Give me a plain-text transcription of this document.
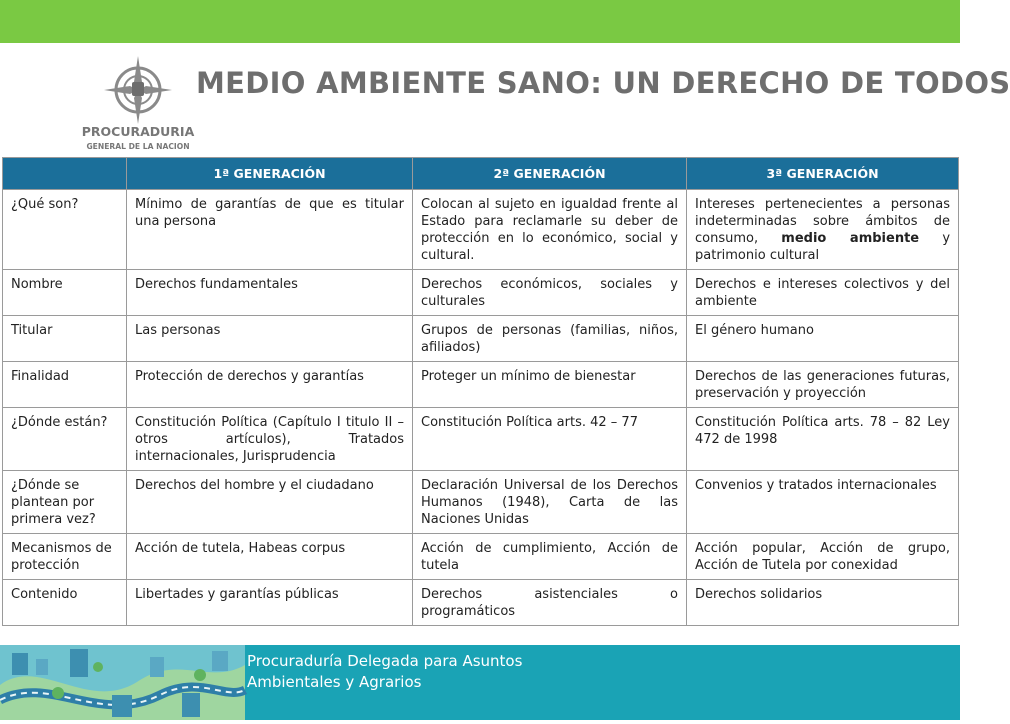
PROCURADURIA
GENERAL DE LA NACION
MEDIO AMBIENTE SANO: UN DERECHO DE TODOS
	1ª GENERACIÓN	2ª GENERACIÓN	3ª GENERACIÓN
¿Qué son?	Mínimo de garantías de que es titular una persona	Colocan al sujeto en igualdad frente al Estado para reclamarle su deber de protección en lo económico, social y cultural.	Intereses pertenecientes a personas indeterminadas sobre ámbitos de consumo, medio ambiente y patrimonio cultural
Nombre	Derechos fundamentales	Derechos económicos, sociales y culturales	Derechos e intereses colectivos y del ambiente
Titular	Las personas	Grupos de personas (familias, niños, afiliados)	El género humano
Finalidad	Protección de derechos y garantías	Proteger un mínimo de bienestar	Derechos de las generaciones futuras, preservación y proyección
¿Dónde están?	Constitución Política (Capítulo I titulo II – otros artículos), Tratados internacionales, Jurisprudencia	Constitución Política arts. 42 – 77	Constitución Política arts. 78 – 82 Ley 472 de 1998
¿Dónde se plantean por primera vez?	Derechos del hombre y el ciudadano	Declaración Universal de los Derechos Humanos (1948), Carta de las Naciones Unidas	Convenios y tratados internacionales
Mecanismos de protección	Acción de tutela, Habeas corpus	Acción de cumplimiento, Acción de tutela	Acción popular, Acción de grupo, Acción de Tutela por conexidad
Contenido	Libertades y garantías públicas	Derechos asistenciales o programáticos	Derechos solidarios
Procuraduría Delegada para Asuntos
Ambientales y Agrarios
